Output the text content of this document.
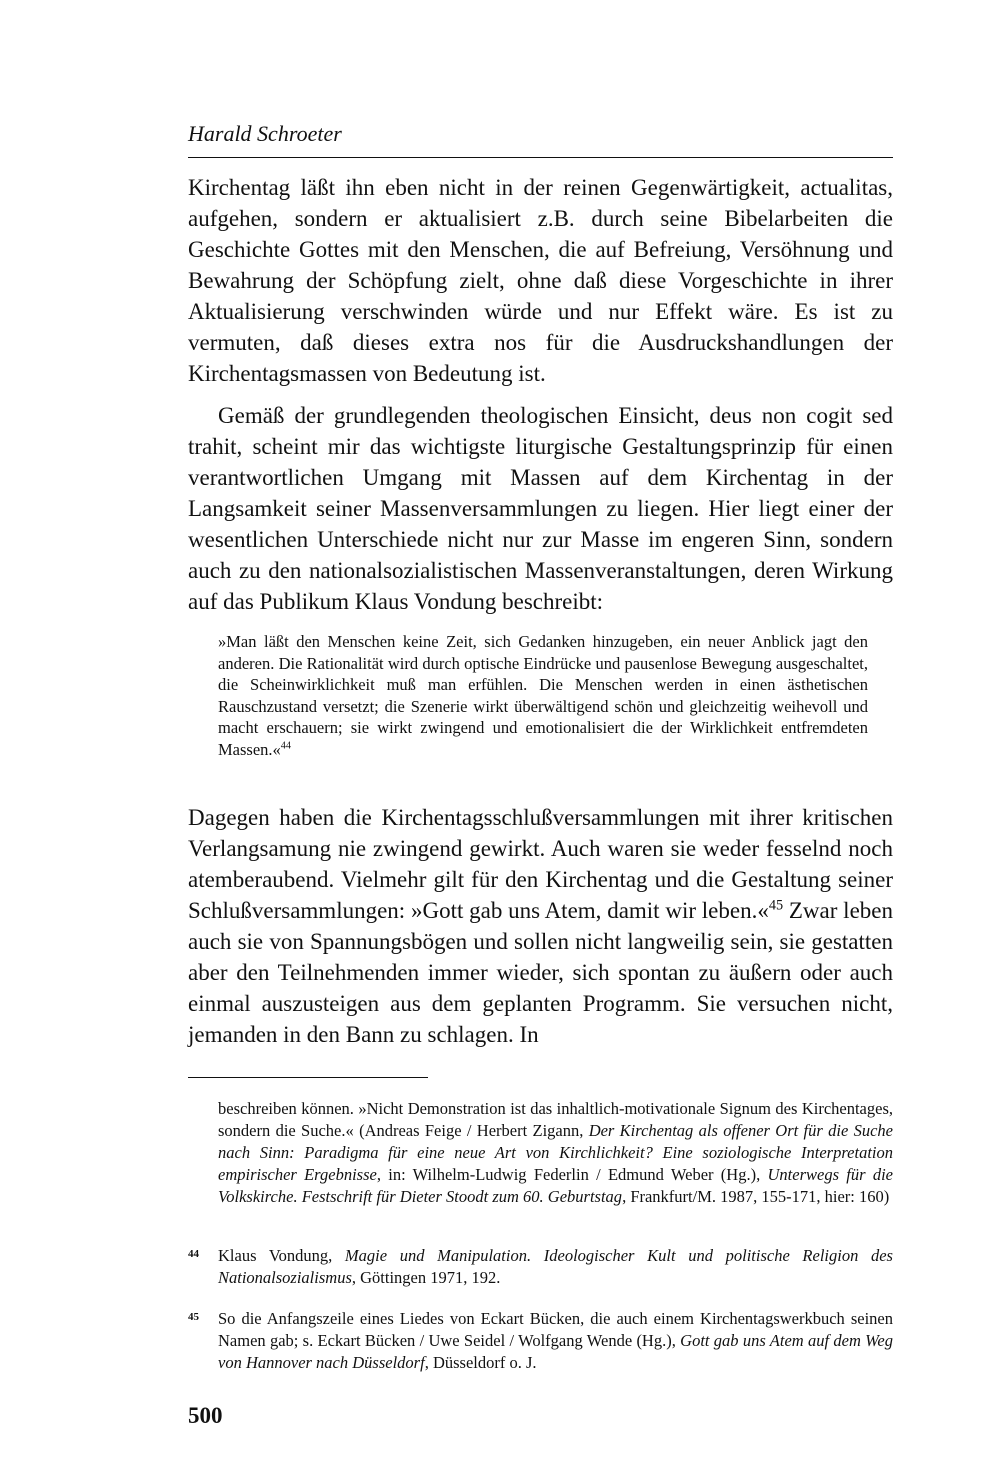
Harald Schroeter

Kirchentag läßt ihn eben nicht in der reinen Gegenwärtigkeit, actualitas, aufgehen, sondern er aktualisiert z.B. durch seine Bibelarbeiten die Geschichte Gottes mit den Menschen, die auf Befreiung, Versöhnung und Bewahrung der Schöpfung zielt, ohne daß diese Vorgeschichte in ihrer Aktualisierung verschwinden würde und nur Effekt wäre. Es ist zu vermuten, daß dieses extra nos für die Ausdruckshandlungen der Kirchentagsmassen von Bedeutung ist.

Gemäß der grundlegenden theologischen Einsicht, deus non cogit sed trahit, scheint mir das wichtigste liturgische Gestaltungsprinzip für einen verantwortlichen Umgang mit Massen auf dem Kirchentag in der Langsamkeit seiner Massenversammlungen zu liegen. Hier liegt einer der wesentlichen Unterschiede nicht nur zur Masse im engeren Sinn, sondern auch zu den nationalsozialistischen Massenveranstaltungen, deren Wirkung auf das Publikum Klaus Vondung beschreibt:

»Man läßt den Menschen keine Zeit, sich Gedanken hinzugeben, ein neuer Anblick jagt den anderen. Die Rationalität wird durch optische Eindrücke und pausenlose Bewegung ausgeschaltet, die Scheinwirklichkeit muß man erfühlen. Die Menschen werden in einen ästhetischen Rauschzustand versetzt; die Szenerie wirkt überwältigend schön und gleichzeitig weihevoll und macht erschauern; sie wirkt zwingend und emotionalisiert die der Wirklichkeit entfremdeten Massen.«$^{44}$

Dagegen haben die Kirchentagsschlußversammlungen mit ihrer kritischen Verlangsamung nie zwingend gewirkt. Auch waren sie weder fesselnd noch atemberaubend. Vielmehr gilt für den Kirchentag und die Gestaltung seiner Schlußversammlungen: »Gott gab uns Atem, damit wir leben.«$^{45}$ Zwar leben auch sie von Spannungsbögen und sollen nicht langweilig sein, sie gestatten aber den Teilnehmenden immer wieder, sich spontan zu äußern oder auch einmal auszusteigen aus dem geplanten Programm. Sie versuchen nicht, jemanden in den Bann zu schlagen. In

beschreiben können. »Nicht Demonstration ist das inhaltlich-motivationale Signum des Kirchentages, sondern die Suche.« (Andreas Feige / Herbert Zigann, Der Kirchentag als offener Ort für die Suche nach Sinn: Paradigma für eine neue Art von Kirchlichkeit? Eine soziologische Interpretation empirischer Ergebnisse, in: Wilhelm-Ludwig Federlin / Edmund Weber (Hg.), Unterwegs für die Volkskirche. Festschrift für Dieter Stoodt zum 60. Geburtstag, Frankfurt/M. 1987, 155-171, hier: 160)

44	Klaus Vondung, Magie und Manipulation. Ideologischer Kult und politische Religion des Nationalsozialismus, Göttingen 1971, 192.

45	So die Anfangszeile eines Liedes von Eckart Bücken, die auch einem Kirchentagswerkbuch seinen Namen gab; s. Eckart Bücken / Uwe Seidel / Wolfgang Wende (Hg.), Gott gab uns Atem auf dem Weg von Hannover nach Düsseldorf, Düsseldorf o. J.

500
